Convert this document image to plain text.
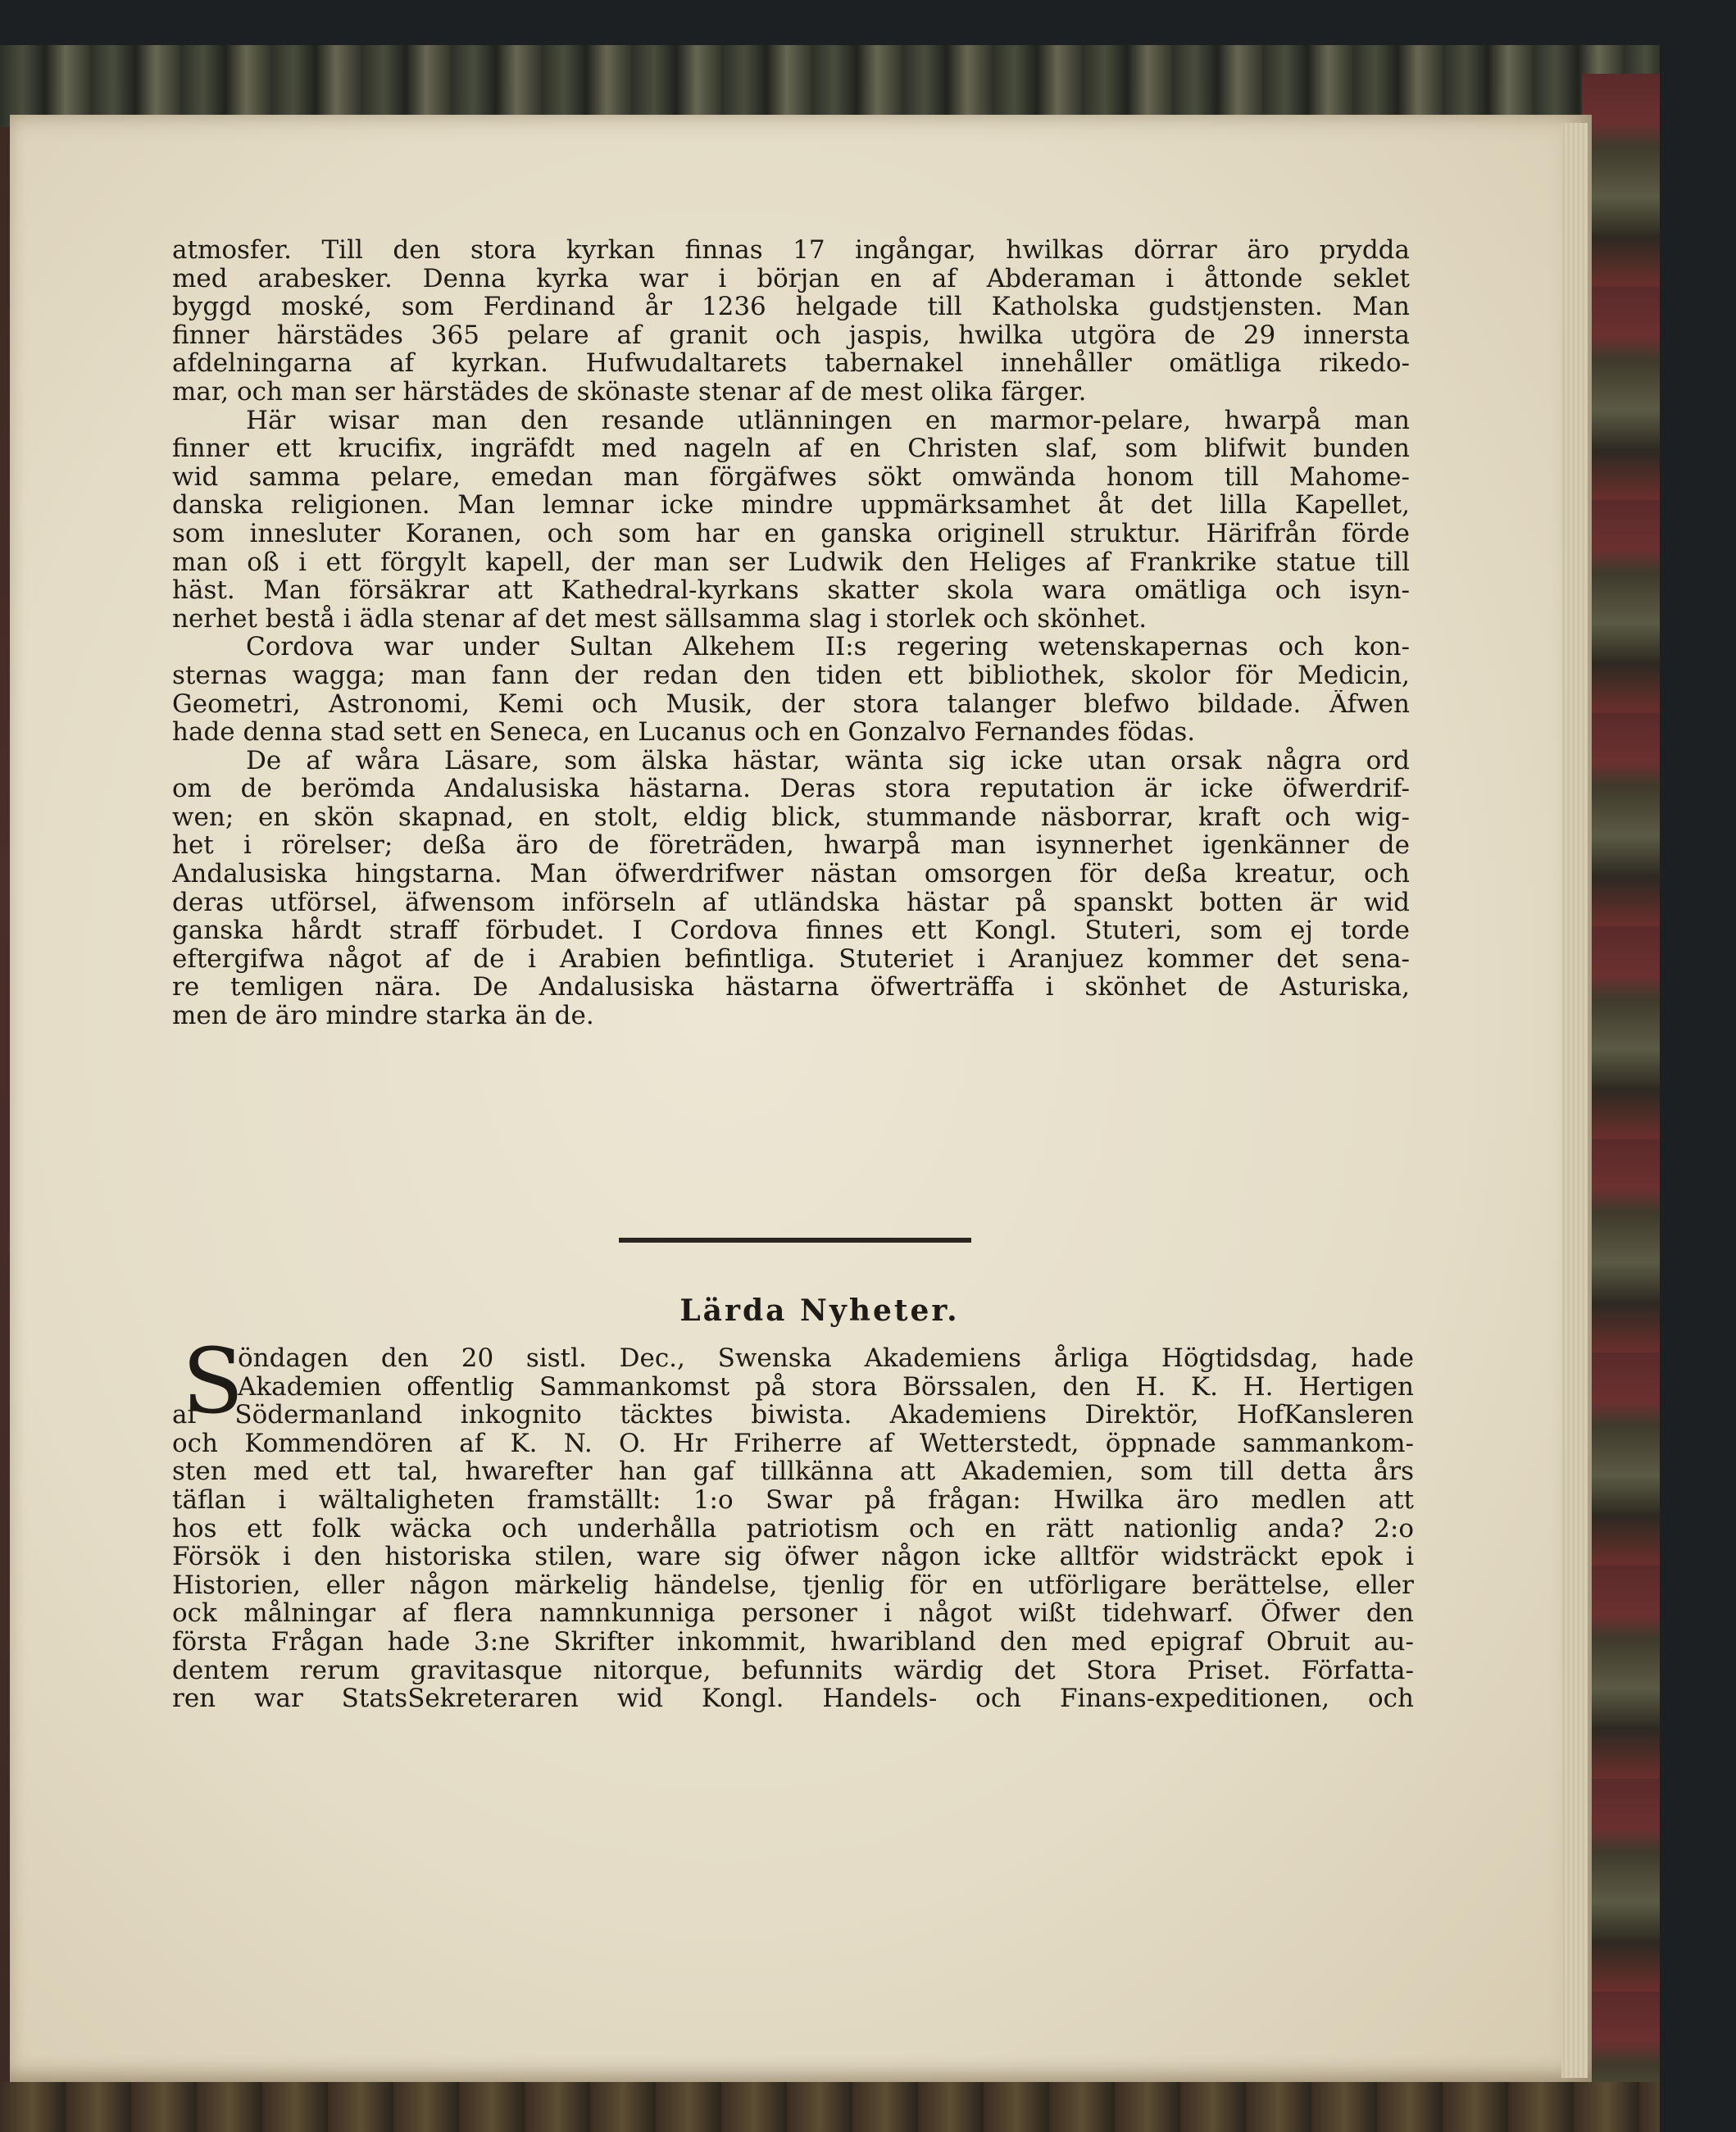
atmosfer. Till den stora kyrkan finnas 17 ingångar, hwilkas dörrar äro prydda
med arabesker. Denna kyrka war i början en af Abderaman i åttonde seklet
byggd moské, som Ferdinand år 1236 helgade till Katholska gudstjensten. Man
finner härstädes 365 pelare af granit och jaspis, hwilka utgöra de 29 innersta
afdelningarna af kyrkan. Hufwudaltarets tabernakel innehåller omätliga rikedo-
mar, och man ser härstädes de skönaste stenar af de mest olika färger.
Här wisar man den resande utlänningen en marmor-pelare, hwarpå man
finner ett krucifix, ingräfdt med nageln af en Christen slaf, som blifwit bunden
wid samma pelare, emedan man förgäfwes sökt omwända honom till Mahome-
danska religionen. Man lemnar icke mindre uppmärksamhet åt det lilla Kapellet,
som innesluter Koranen, och som har en ganska originell struktur. Härifrån förde
man oß i ett förgylt kapell, der man ser Ludwik den Heliges af Frankrike statue till
häst. Man försäkrar att Kathedral-kyrkans skatter skola wara omätliga och isyn-
nerhet bestå i ädla stenar af det mest sällsamma slag i storlek och skönhet.
Cordova war under Sultan Alkehem II:s regering wetenskapernas och kon-
sternas wagga; man fann der redan den tiden ett bibliothek, skolor för Medicin,
Geometri, Astronomi, Kemi och Musik, der stora talanger blefwo bildade. Äfwen
hade denna stad sett en Seneca, en Lucanus och en Gonzalvo Fernandes födas.
De af wåra Läsare, som älska hästar, wänta sig icke utan orsak några ord
om de berömda Andalusiska hästarna. Deras stora reputation är icke öfwerdrif-
wen; en skön skapnad, en stolt, eldig blick, stummande näsborrar, kraft och wig-
het i rörelser; deßa äro de företräden, hwarpå man isynnerhet igenkänner de
Andalusiska hingstarna. Man öfwerdrifwer nästan omsorgen för deßa kreatur, och
deras utförsel, äfwensom införseln af utländska hästar på spanskt botten är wid
ganska hårdt straff förbudet. I Cordova finnes ett Kongl. Stuteri, som ej torde
eftergifwa något af de i Arabien befintliga. Stuteriet i Aranjuez kommer det sena-
re temligen nära. De Andalusiska hästarna öfwerträffa i skönhet de Asturiska,
men de äro mindre starka än de.
Lärda Nyheter.
S
öndagen den 20 sistl. Dec., Swenska Akademiens årliga Högtidsdag, hade
Akademien offentlig Sammankomst på stora Börssalen, den H. K. H. Hertigen
af Södermanland inkognito täcktes biwista. Akademiens Direktör, HofKansleren
och Kommendören af K. N. O. Hr Friherre af Wetterstedt, öppnade sammankom-
sten med ett tal, hwarefter han gaf tillkänna att Akademien, som till detta års
täflan i wältaligheten framställt: 1:o Swar på frågan: Hwilka äro medlen att
hos ett folk wäcka och underhålla patriotism och en rätt nationlig anda? 2:o
Försök i den historiska stilen, ware sig öfwer någon icke alltför widsträckt epok i
Historien, eller någon märkelig händelse, tjenlig för en utförligare berättelse, eller
ock målningar af flera namnkunniga personer i något wißt tidehwarf. Öfwer den
första Frågan hade 3:ne Skrifter inkommit, hwaribland den med epigraf Obruit au-
dentem rerum gravitasque nitorque, befunnits wärdig det Stora Priset. Författa-
ren war StatsSekreteraren wid Kongl. Handels- och Finans-expeditionen, och
